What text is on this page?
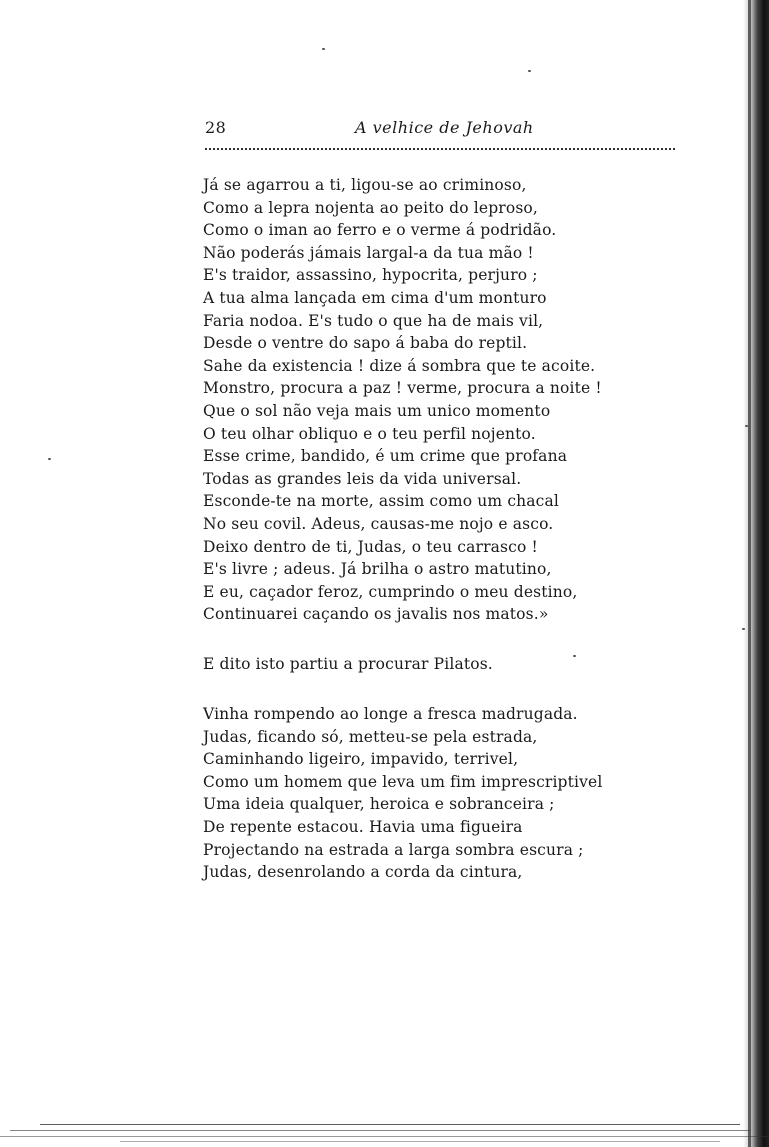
28	A velhice de Jehovah
Já se agarrou a ti, ligou-se ao criminoso,
Como a lepra nojenta ao peito do leproso,
Como o iman ao ferro e o verme á podridão.
Não poderás jámais largal-a da tua mão !
E's traidor, assassino, hypocrita, perjuro ;
A tua alma lançada em cima d'um monturo
Faria nodoa. E's tudo o que ha de mais vil,
Desde o ventre do sapo á baba do reptil.
Sahe da existencia ! dize á sombra que te acoite.
Monstro, procura a paz ! verme, procura a noite !
Que o sol não veja mais um unico momento
O teu olhar obliquo e o teu perfil nojento.
Esse crime, bandido, é um crime que profana
Todas as grandes leis da vida universal.
Esconde-te na morte, assim como um chacal
No seu covil. Adeus, causas-me nojo e asco.
Deixo dentro de ti, Judas, o teu carrasco !
E's livre ; adeus. Já brilha o astro matutino,
E eu, caçador feroz, cumprindo o meu destino,
Continuarei caçando os javalis nos matos.»
E dito isto partiu a procurar Pilatos.
Vinha rompendo ao longe a fresca madrugada.
Judas, ficando só, metteu-se pela estrada,
Caminhando ligeiro, impavido, terrivel,
Como um homem que leva um fim imprescriptivel
Uma ideia qualquer, heroica e sobranceira ;
De repente estacou. Havia uma figueira
Projectando na estrada a larga sombra escura ;
Judas, desenrolando a corda da cintura,
